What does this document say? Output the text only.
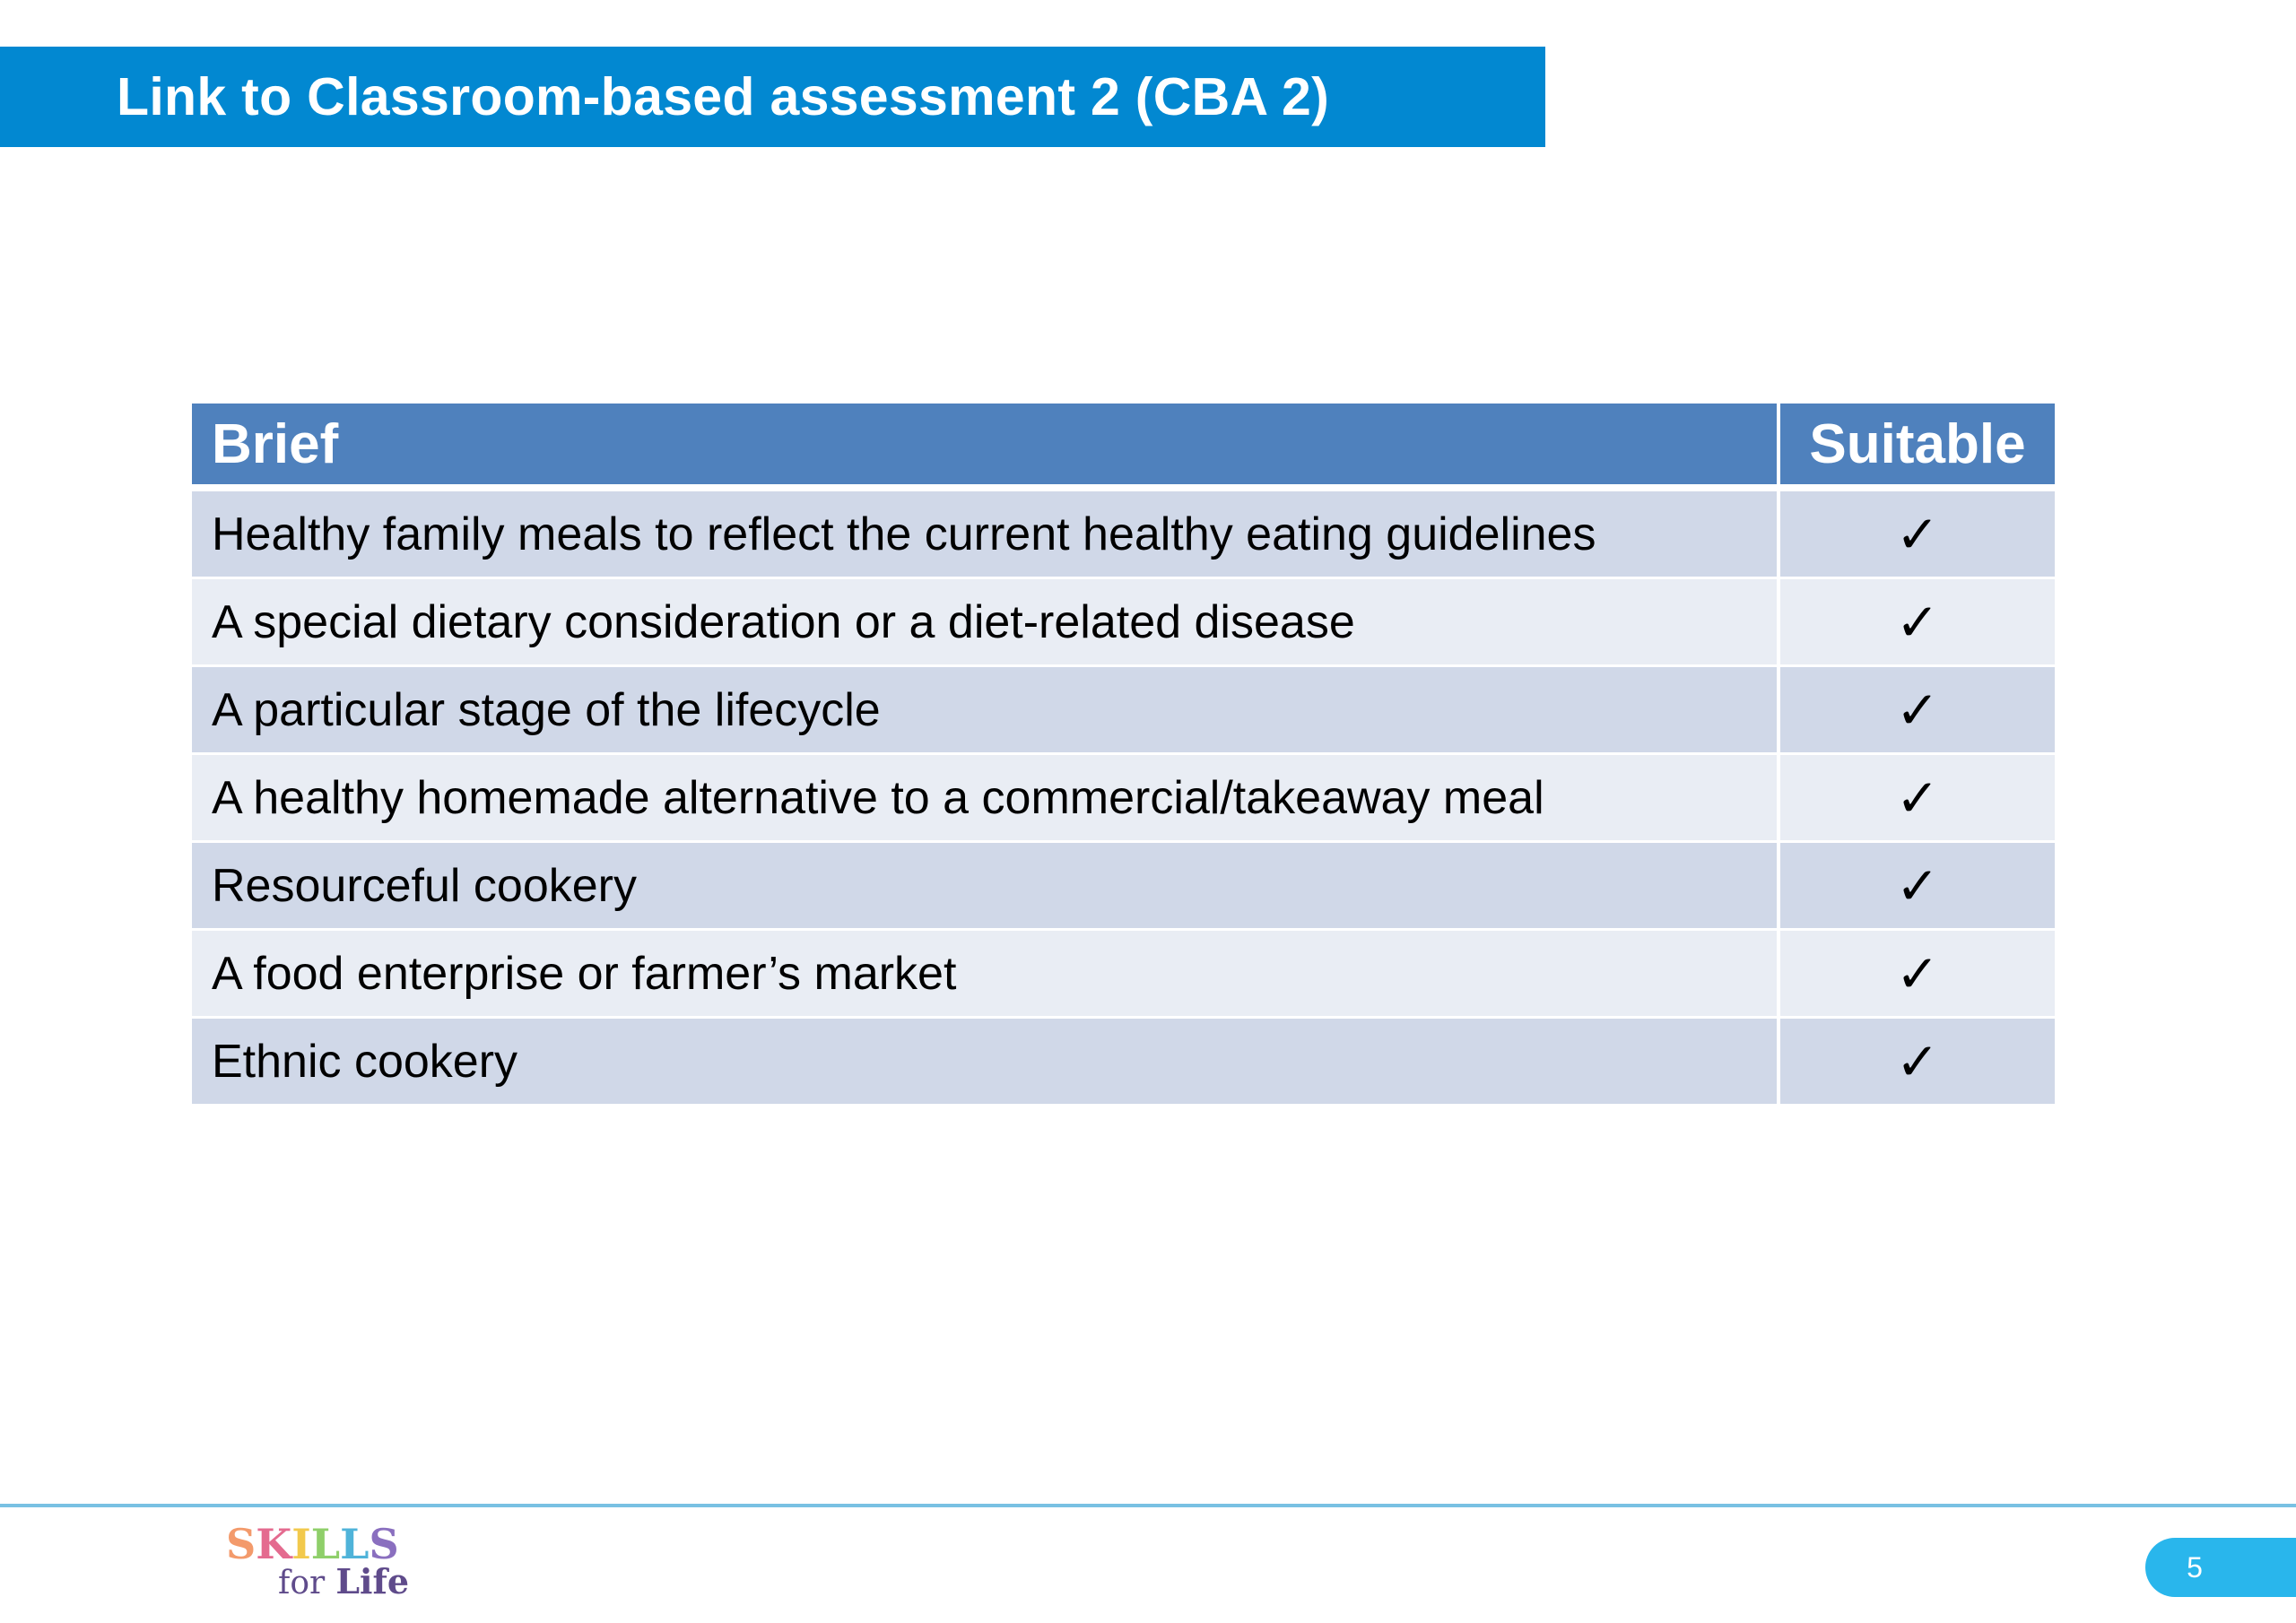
Link to Classroom-based assessment 2 (CBA 2)
Brief	Suitable
Healthy family meals to reflect the current healthy eating guidelines	✓
A special dietary consideration or a diet-related disease	✓
A particular stage of the lifecycle	✓
A healthy homemade alternative to a commercial/takeaway meal	✓
Resourceful cookery	✓
A food enterprise or farmer’s market	✓
Ethnic cookery	✓
SKILLS
for Life	5
